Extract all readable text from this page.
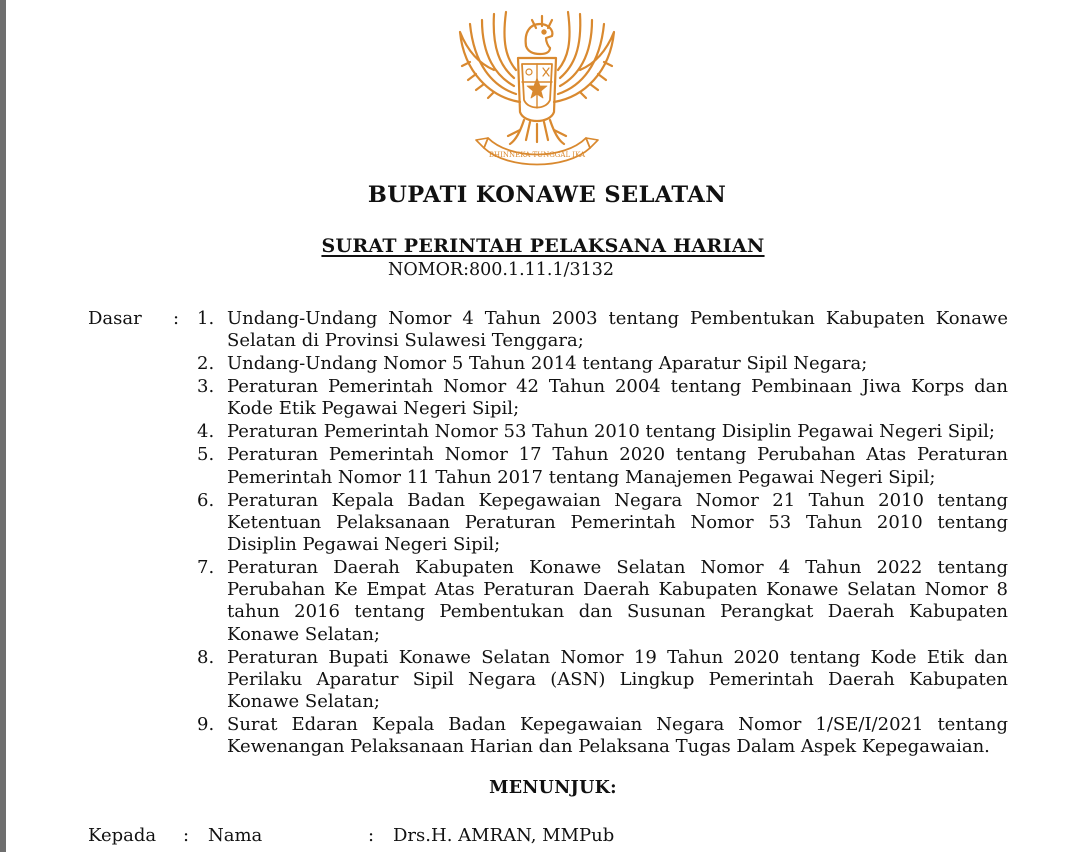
BHINNEKA TUNGGAL IKA
BUPATI KONAWE SELATAN
SURAT PERINTAH PELAKSANA HARIAN
NOMOR:800.1.11.1/3132
Dasar : 1. Undang-Undang Nomor 4 Tahun 2003 tentang Pembentukan Kabupaten Konawe Selatan di Provinsi Sulawesi Tenggara;
2. Undang-Undang Nomor 5 Tahun 2014 tentang Aparatur Sipil Negara;
3. Peraturan Pemerintah Nomor 42 Tahun 2004 tentang Pembinaan Jiwa Korps dan Kode Etik Pegawai Negeri Sipil;
4. Peraturan Pemerintah Nomor 53 Tahun 2010 tentang Disiplin Pegawai Negeri Sipil;
5. Peraturan Pemerintah Nomor 17 Tahun 2020 tentang Perubahan Atas Peraturan Pemerintah Nomor 11 Tahun 2017 tentang Manajemen Pegawai Negeri Sipil;
6. Peraturan Kepala Badan Kepegawaian Negara Nomor 21 Tahun 2010 tentang Ketentuan Pelaksanaan Peraturan Pemerintah Nomor 53 Tahun 2010 tentang Disiplin Pegawai Negeri Sipil;
7. Peraturan Daerah Kabupaten Konawe Selatan Nomor 4 Tahun 2022 tentang Perubahan Ke Empat Atas Peraturan Daerah Kabupaten Konawe Selatan Nomor 8 tahun 2016 tentang Pembentukan dan Susunan Perangkat Daerah Kabupaten Konawe Selatan;
8. Peraturan Bupati Konawe Selatan Nomor 19 Tahun 2020 tentang Kode Etik dan Perilaku Aparatur Sipil Negara (ASN) Lingkup Pemerintah Daerah Kabupaten Konawe Selatan;
9. Surat Edaran Kepala Badan Kepegawaian Negara Nomor 1/SE/I/2021 tentang Kewenangan Pelaksanaan Harian dan Pelaksana Tugas Dalam Aspek Kepegawaian.
MENUNJUK:
Kepada : Nama	: Drs.H. AMRAN, MMPub
